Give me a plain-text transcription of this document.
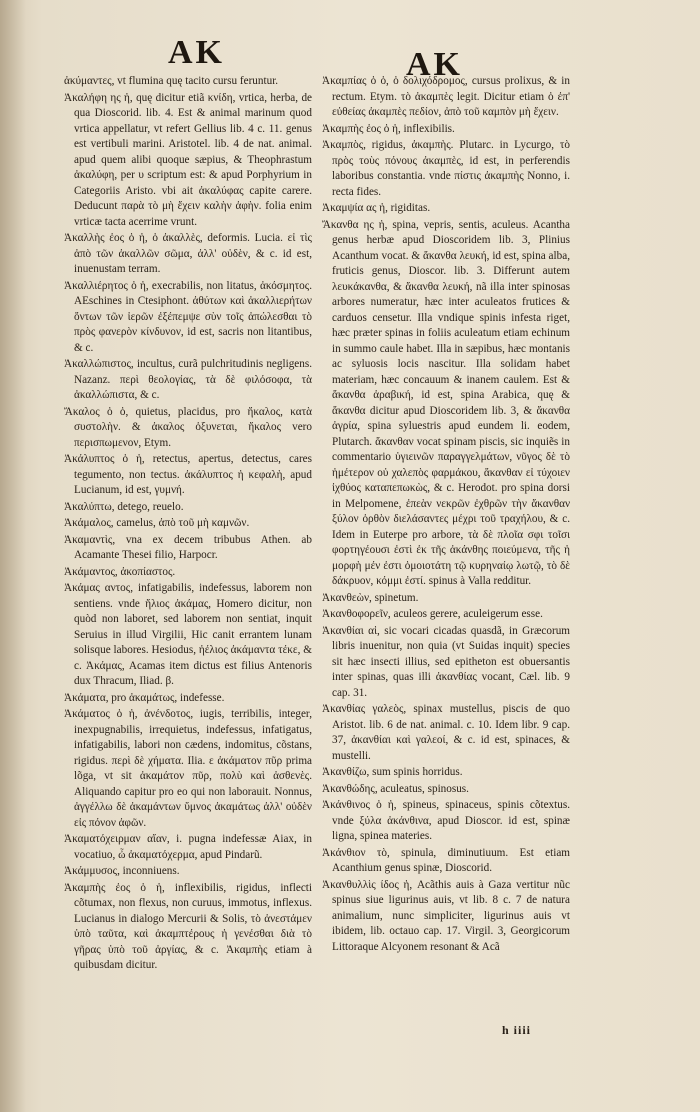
AK	AK

ἀκύμαντες, vt flumina quę tacito cursu feruntur.

Ἀκαλήφη ης ἡ, quę dicitur etiã κνίδη, vrtica, herba, de qua Dioscorid. lib. 4. Est & animal marinum quod vrtica appellatur, vt refert Gellius lib. 4 c. 11. genus est vertibuli marini. Aristotel. lib. 4 de nat. animal. apud quem alibi quoque sæpius, & Theophrastum ἀκαλύφη, per υ scriptum est: & apud Porphyrium in Categoriis Aristo. vbi ait ἀκαλύφας capite carere. Deducunt παρὰ τὸ μὴ ἔχειν καλὴν ἀφὴν. folia enim vrticæ tacta acerrime vrunt.

Ἀκαλλὴς ἐος ὁ ἡ, ὁ ἀκαλλὲς, deformis. Lucia. εἰ τὶς ἀπὸ τῶν ἀκαλλῶν σῶμα, ἀλλ' οὐδὲν, & c. id est, inuenustam terram.

Ἀκαλλιέρητος ὁ ἡ, execrabilis, non litatus, ἀκόσμητος. AEschines in Ctesiphont. ἀθύτων καὶ ἀκαλλιερήτων ὄντων τῶν ἱερῶν ἐξέπεμψε σὺν τοῖς ἀπώλεσθαι τὸ πρὸς φανερὸν κίνδυνον, id est, sacris non litantibus, & c.

Ἀκαλλώπιστος, incultus, curã pulchritudinis negligens. Nazanz. περὶ θεολογίας, τὰ δὲ φιλόσοφα, τὰ ἀκαλλώπιστα, & c.

Ἄκαλος ὁ ὁ, quietus, placidus, pro ἥκαλος, κατὰ συστολὴν. & ἀκαλος ὀξυνεται, ἥκαλος vero περισπωμενον, Etym.

Ἀκάλυπτος ὁ ἡ, retectus, apertus, detectus, cares tegumento, non tectus. ἀκάλυπτος ἡ κεφαλὴ, apud Lucianum, id est, γυμνή.

Ἀκαλύπτω, detego, reuelo.

Ἀκάμαλος, camelus, ἀπὸ τοῦ μὴ καμνῶν.

Ἀκαμαντὶς, vna ex decem tribubus Athen. ab Acamante Thesei filio, Harpocr.

Ἀκάμαντος, ἀκοπίαστος.

Ἀκάμας αντος, infatigabilis, indefessus, laborem non sentiens. vnde ἥλιος ἀκάμας, Homero dicitur, non quòd non laboret, sed laborem non sentiat, inquit Seruius in illud Virgilii, Hic canit errantem lunam solisque labores. Hesiodus, ἠέλιος ἀκάμαντα τέκε, & c. Ἀκάμας, Acamas item dictus est filius Antenoris dux Thracum, Iliad. β.

Ἀκάματα, pro ἀκαμάτως, indefesse.

Ἀκάματος ὁ ἡ, ἀνένδοτος, iugis, terribilis, integer, inexpugnabilis, irrequietus, indefessus, infatigatus, infatigabilis, labori non cædens, indomitus, cõstans, rigidus. περὶ δὲ χήματα. Ilia. ε ἀκάματον πῦρ prima lõga, vt sit ἀκαμάτον πῦρ, πολὺ καὶ ἀσθενὲς. Aliquando capitur pro eo qui non laborauit. Nonnus, ἀγγέλλω δὲ ἀκαμάντων ὕμνος ἀκαμάτως ἀλλ' οὐδὲν εἰς πόνον ἀφῶν.

Ἀκαματόχειρμαν αἴαν, i. pugna indefessæ Aiax, in vocatiuo, ὦ ἀκαματόχερμα, apud Pindarũ.

Ἀκάμμυσος, inconniuens.

Ἀκαμπὴς ἐος ὁ ἡ, inflexibilis, rigidus, inflecti cõtumax, non flexus, non curuus, immotus, inflexus. Lucianus in dialogo Mercurii & Solis, τὸ ἀνεστάμεν ὑπὸ ταῦτα, καὶ ἀκαμπτέρους ἡ γενέσθαι διὰ τὸ γῆρας ὑπὸ τοῦ ἀργίας, & c. Ἀκαμπὴς etiam à quibusdam dicitur.

Ἀκαμπίας ὁ ὁ, ὁ δολιχόδρομος, cursus prolixus, & in rectum. Etym. τὸ ἀκαμπὲς legit. Dicitur etiam ὁ ἐπ' εὐθείας ἀκαμπὲς πεδίον, ἀπὸ τοῦ καμπὸν μὴ ἔχειν.

Ἀκαμπὴς ἐος ὁ ἡ, inflexibilis.

Ἀκαμπὸς, rigidus, ἀκαμπὴς. Plutarc. in Lycurgo, τὸ πρὸς τοὺς πόνους ἀκαμπὲς, id est, in perferendis laboribus constantia. vnde πίστις ἀκαμπὴς Nonno, i. recta fides.

Ἀκαμψία ας ἡ, rigiditas.

Ἄκανθα ης ἡ, spina, vepris, sentis, aculeus. Acantha genus herbæ apud Dioscoridem lib. 3, Plinius Acanthum vocat. & ἄκανθα λευκή, id est, spina alba, fruticis genus, Dioscor. lib. 3. Differunt autem λευκάκανθα, & ἄκανθα λευκή, nã illa inter spinosas arbores numeratur, hæc inter aculeatos frutices & carduos censetur. Illa vndique spinis infesta riget, hæc præter spinas in foliis aculeatum etiam echinum in summo caule habet. Illa in sæpibus, hæc montanis ac syluosis locis nascitur. Illa solidam habet materiam, hæc concauum & inanem caulem. Est & ἄκανθα ἀραβική, id est, spina Arabica, quę & ἄκανθα dicitur apud Dioscoridem lib. 3, & ἄκανθα ἀγρία, spina syluestris apud eundem li. eodem, Plutarch. ἄκανθαν vocat spinam piscis, sic inquiẽs in commentario ὑγιεινῶν παραγγελμάτων, νῦγος δὲ τὸ ἡμέτερον οὐ χαλεπὸς φαρμάκου, ἄκανθαν εἰ τύχοιεν ἰχθύος καταπεπωκὼς, & c. Herodot. pro spina dorsi in Melpomene, ἐπεὰν νεκρῶν ἐχθρῶν τὴν ἄκανθαν ξύλον ὀρθὸν διελάσαντες μέχρι τοῦ τραχήλου, & c. Idem in Euterpe pro arbore, τὰ δὲ πλοῖα σφι τοῖσι φορτηγέουσι ἐστὶ ἐκ τῆς ἀκάνθης ποιεύμενα, τῆς ἡ μορφὴ μέν ἐστι ὁμοιοτάτη τῷ κυρηναίῳ λωτῷ, τὸ δὲ δάκρυον, κόμμι ἐστί. spinus à Valla redditur.

Ἀκανθεὼν, spinetum.

Ἀκανθοφορεῖν, aculeos gerere, aculeigerum esse.

Ἀκανθίαι αἱ, sic vocari cicadas quasdã, in Græcorum libris inuenitur, non quia (vt Suidas inquit) species sit hæc insecti illius, sed epitheton est obuersantis inter spinas, quas illi ἀκανθίας vocant, Cæl. lib. 9 cap. 31.

Ἀκανθίας γαλεὸς, spinax mustellus, piscis de quo Aristot. lib. 6 de nat. animal. c. 10. Idem libr. 9 cap. 37, ἀκανθίαι καὶ γαλεοί, & c. id est, spinaces, & mustelli.

Ἀκανθίζω, sum spinis horridus.

Ἀκανθώδης, aculeatus, spinosus.

Ἀκάνθινος ὁ ἡ, spineus, spinaceus, spinis cõtextus. vnde ξύλα ἀκάνθινα, apud Dioscor. id est, spinæ ligna, spinea materies.

Ἀκάνθιον τὸ, spinula, diminutiuum. Est etiam Acanthium genus spinæ, Dioscorid.

Ἀκανθυλλὶς ίδος ἡ, Acãthis auis à Gaza vertitur nũc spinus siue ligurinus auis, vt lib. 8 c. 7 de natura animalium, nunc simpliciter, ligurinus auis vt ibidem, lib. octauo cap. 17. Virgil. 3, Georgicorum Littoraque Alcyonem resonant & Acã

h iiii
